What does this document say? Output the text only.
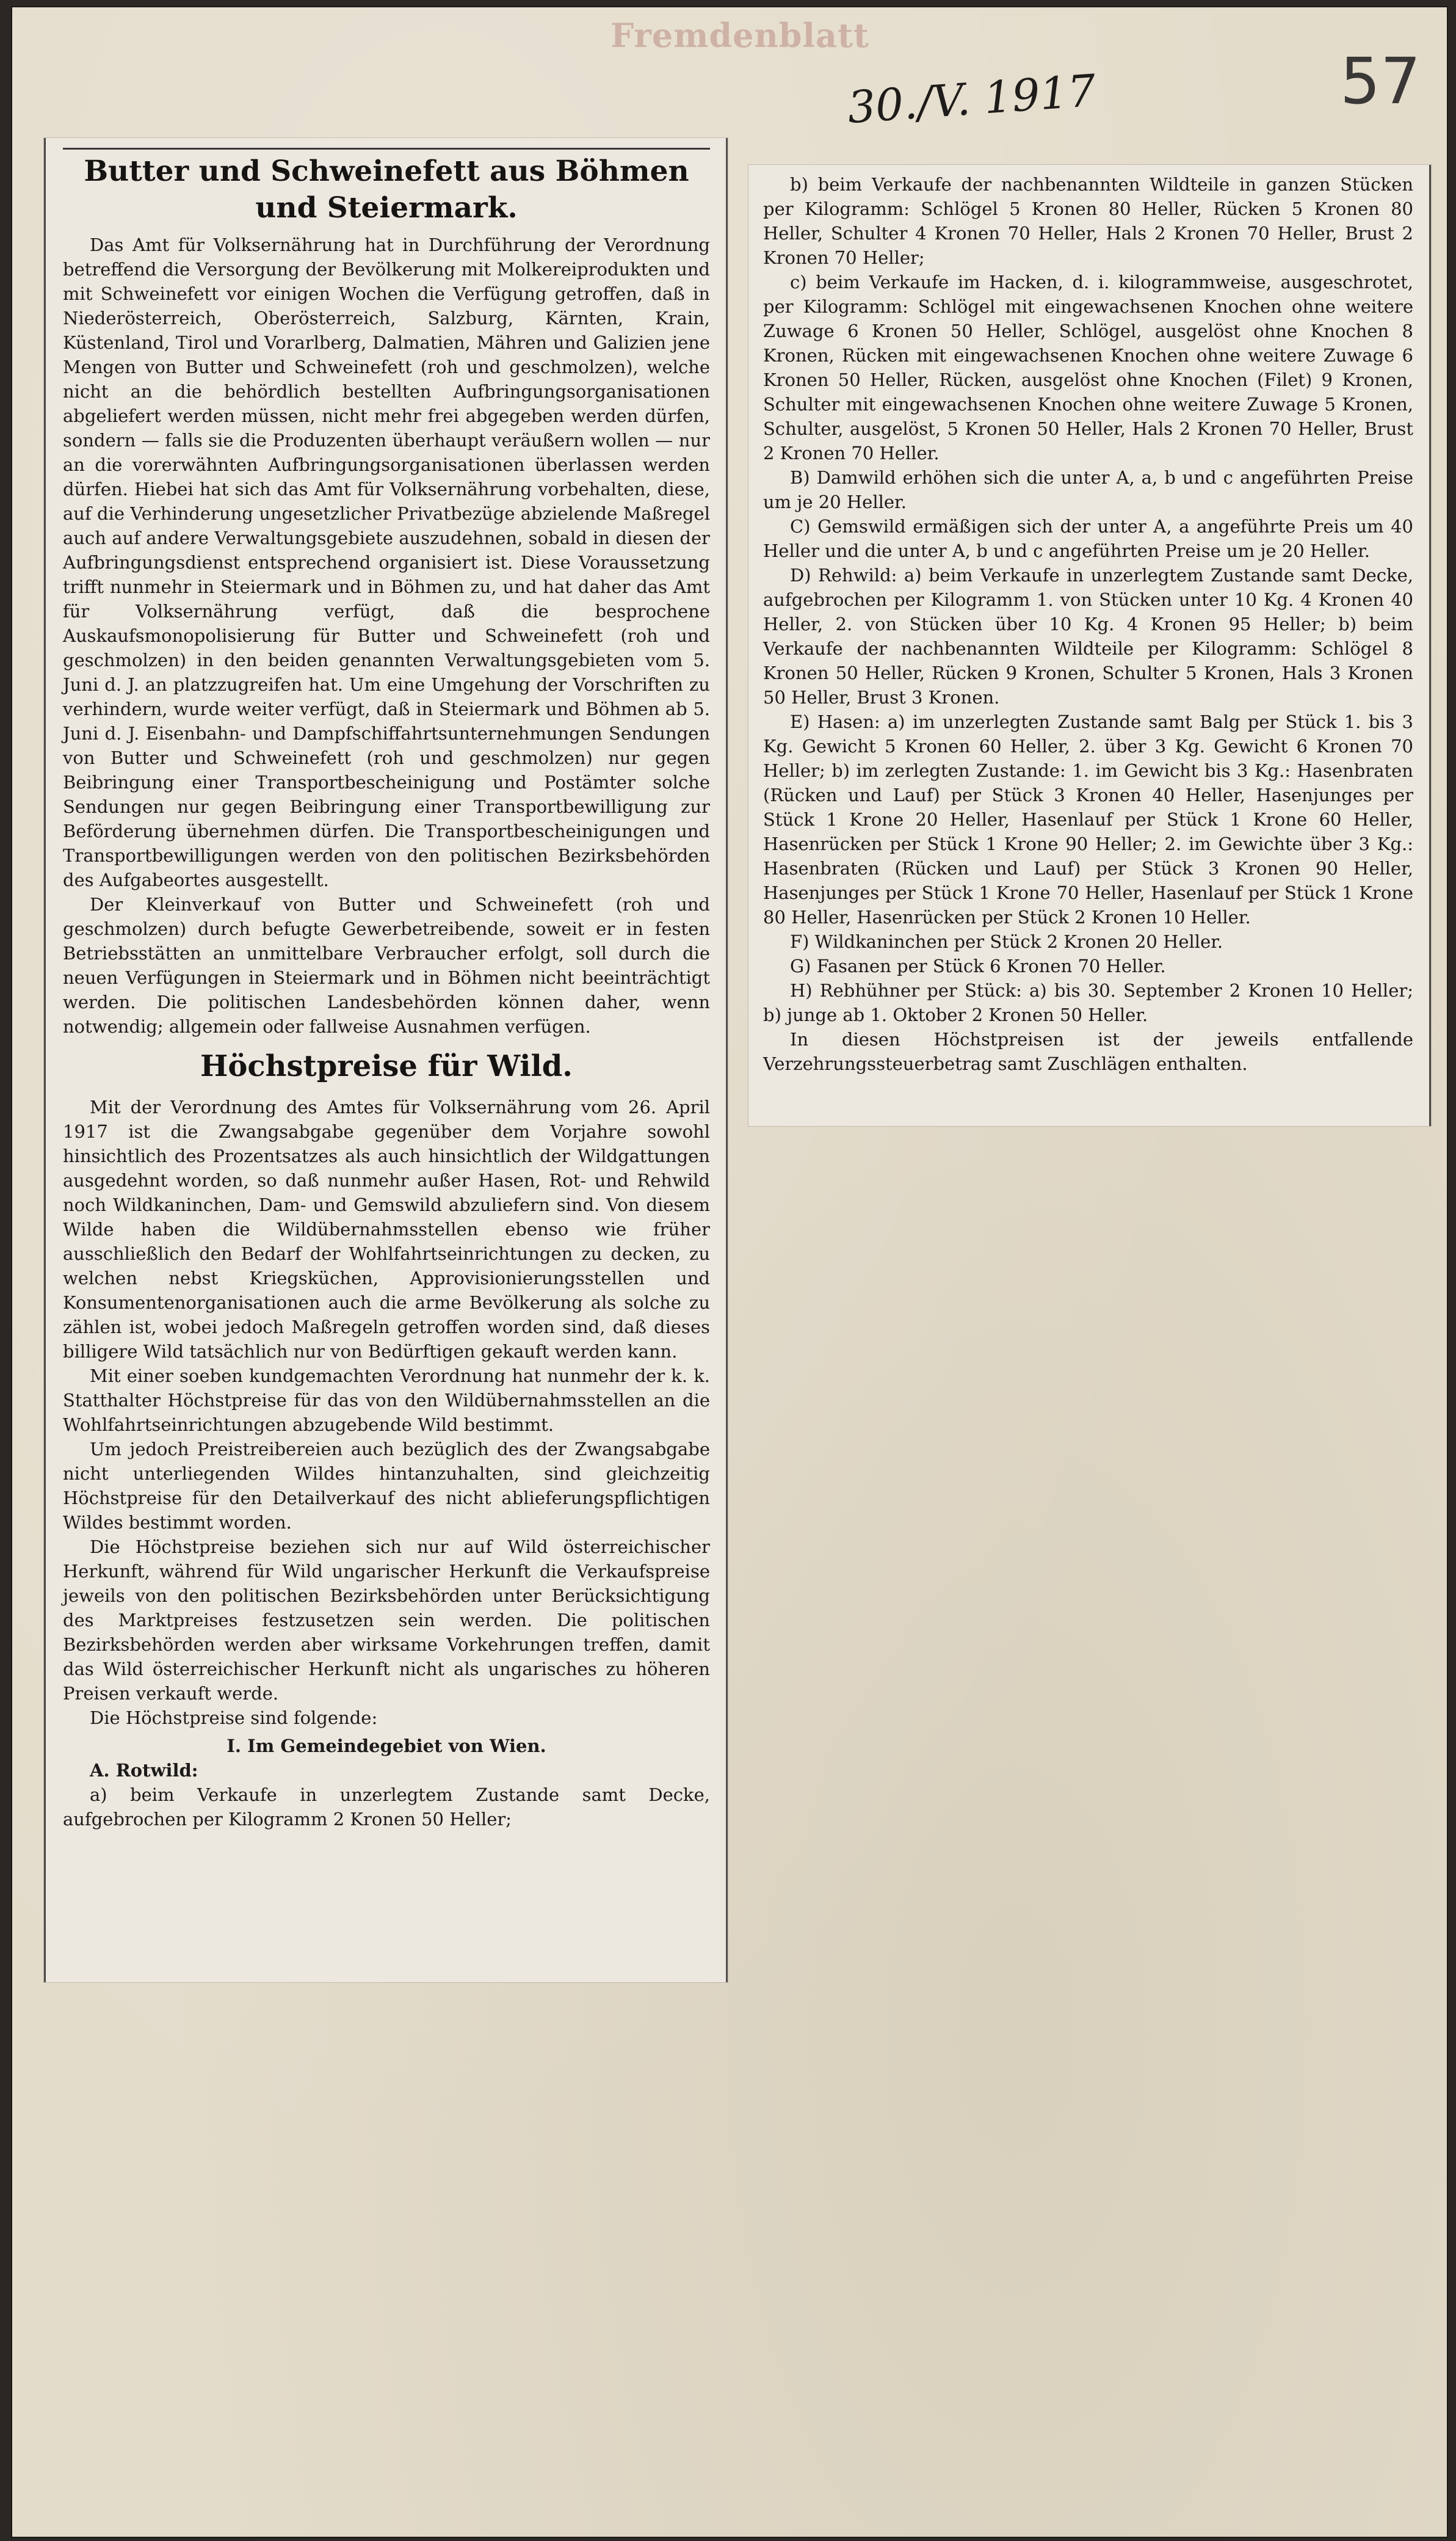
Fremdenblatt
30./V. 1917	57
Butter und Schweinefett aus Böhmen und Steiermark.

Das Amt für Volksernährung hat in Durchführung der Verordnung betreffend die Versorgung der Bevölkerung mit Molkereiprodukten und mit Schweinefett vor einigen Wochen die Verfügung getroffen, daß in Niederösterreich, Oberösterreich, Salzburg, Kärnten, Krain, Küstenland, Tirol und Vorarlberg, Dalmatien, Mähren und Galizien jene Mengen von Butter und Schweinefett (roh und geschmolzen), welche nicht an die behördlich bestellten Aufbringungsorganisationen abgeliefert werden müssen, nicht mehr frei abgegeben werden dürfen, sondern — falls sie die Produzenten überhaupt veräußern wollen — nur an die vorerwähnten Aufbringungsorganisationen überlassen werden dürfen. Hiebei hat sich das Amt für Volksernährung vorbehalten, diese, auf die Verhinderung ungesetzlicher Privatbezüge abzielende Maßregel auch auf andere Verwaltungsgebiete auszudehnen, sobald in diesen der Aufbringungsdienst entsprechend organisiert ist. Diese Voraussetzung trifft nunmehr in Steiermark und in Böhmen zu, und hat daher das Amt für Volksernährung verfügt, daß die besprochene Auskaufsmonopolisierung für Butter und Schweinefett (roh und geschmolzen) in den beiden genannten Verwaltungsgebieten vom 5. Juni d. J. an platzzugreifen hat. Um eine Umgehung der Vorschriften zu verhindern, wurde weiter verfügt, daß in Steiermark und Böhmen ab 5. Juni d. J. Eisenbahn- und Dampfschiffahrtsunternehmungen Sendungen von Butter und Schweinefett (roh und geschmolzen) nur gegen Beibringung einer Transportbescheinigung und Postämter solche Sendungen nur gegen Beibringung einer Transportbewilligung zur Beförderung übernehmen dürfen. Die Transportbescheinigungen und Transportbewilligungen werden von den politischen Bezirksbehörden des Aufgabeortes ausgestellt.

Der Kleinverkauf von Butter und Schweinefett (roh und geschmolzen) durch befugte Gewerbetreibende, soweit er in festen Betriebsstätten an unmittelbare Verbraucher erfolgt, soll durch die neuen Verfügungen in Steiermark und in Böhmen nicht beeinträchtigt werden. Die politischen Landesbehörden können daher, wenn notwendig; allgemein oder fallweise Ausnahmen verfügen.

Höchstpreise für Wild.

Mit der Verordnung des Amtes für Volksernährung vom 26. April 1917 ist die Zwangsabgabe gegenüber dem Vorjahre sowohl hinsichtlich des Prozentsatzes als auch hinsichtlich der Wildgattungen ausgedehnt worden, so daß nunmehr außer Hasen, Rot- und Rehwild noch Wildkaninchen, Dam- und Gemswild abzuliefern sind. Von diesem Wilde haben die Wildübernahmsstellen ebenso wie früher ausschließlich den Bedarf der Wohlfahrtseinrichtungen zu decken, zu welchen nebst Kriegsküchen, Approvisionierungsstellen und Konsumentenorganisationen auch die arme Bevölkerung als solche zu zählen ist, wobei jedoch Maßregeln getroffen worden sind, daß dieses billigere Wild tatsächlich nur von Bedürftigen gekauft werden kann.

Mit einer soeben kundgemachten Verordnung hat nunmehr der k. k. Statthalter Höchstpreise für das von den Wildübernahmsstellen an die Wohlfahrtseinrichtungen abzugebende Wild bestimmt.

Um jedoch Preistreibereien auch bezüglich des der Zwangsabgabe nicht unterliegenden Wildes hintanzuhalten, sind gleichzeitig Höchstpreise für den Detailverkauf des nicht ablieferungspflichtigen Wildes bestimmt worden.

Die Höchstpreise beziehen sich nur auf Wild österreichischer Herkunft, während für Wild ungarischer Herkunft die Verkaufspreise jeweils von den politischen Bezirksbehörden unter Berücksichtigung des Marktpreises festzusetzen sein werden. Die politischen Bezirksbehörden werden aber wirksame Vorkehrungen treffen, damit das Wild österreichischer Herkunft nicht als ungarisches zu höheren Preisen verkauft werde.

Die Höchstpreise sind folgende:

I. Im Gemeindegebiet von Wien.

A. Rotwild:

a) beim Verkaufe in unzerlegtem Zustande samt Decke, aufgebrochen per Kilogramm 2 Kronen 50 Heller;

b) beim Verkaufe der nachbenannten Wildteile in ganzen Stücken per Kilogramm: Schlögel 5 Kronen 80 Heller, Rücken 5 Kronen 80 Heller, Schulter 4 Kronen 70 Heller, Hals 2 Kronen 70 Heller, Brust 2 Kronen 70 Heller;

c) beim Verkaufe im Hacken, d. i. kilogrammweise, ausgeschrotet, per Kilogramm: Schlögel mit eingewachsenen Knochen ohne weitere Zuwage 6 Kronen 50 Heller, Schlögel, ausgelöst ohne Knochen 8 Kronen, Rücken mit eingewachsenen Knochen ohne weitere Zuwage 6 Kronen 50 Heller, Rücken, ausgelöst ohne Knochen (Filet) 9 Kronen, Schulter mit eingewachsenen Knochen ohne weitere Zuwage 5 Kronen, Schulter, ausgelöst, 5 Kronen 50 Heller, Hals 2 Kronen 70 Heller, Brust 2 Kronen 70 Heller.

B) Damwild erhöhen sich die unter A, a, b und c angeführten Preise um je 20 Heller.

C) Gemswild ermäßigen sich der unter A, a angeführte Preis um 40 Heller und die unter A, b und c angeführten Preise um je 20 Heller.

D) Rehwild: a) beim Verkaufe in unzerlegtem Zustande samt Decke, aufgebrochen per Kilogramm 1. von Stücken unter 10 Kg. 4 Kronen 40 Heller, 2. von Stücken über 10 Kg. 4 Kronen 95 Heller; b) beim Verkaufe der nachbenannten Wildteile per Kilogramm: Schlögel 8 Kronen 50 Heller, Rücken 9 Kronen, Schulter 5 Kronen, Hals 3 Kronen 50 Heller, Brust 3 Kronen.

E) Hasen: a) im unzerlegten Zustande samt Balg per Stück 1. bis 3 Kg. Gewicht 5 Kronen 60 Heller, 2. über 3 Kg. Gewicht 6 Kronen 70 Heller; b) im zerlegten Zustande: 1. im Gewicht bis 3 Kg.: Hasenbraten (Rücken und Lauf) per Stück 3 Kronen 40 Heller, Hasenjunges per Stück 1 Krone 20 Heller, Hasenlauf per Stück 1 Krone 60 Heller, Hasenrücken per Stück 1 Krone 90 Heller; 2. im Gewichte über 3 Kg.: Hasenbraten (Rücken und Lauf) per Stück 3 Kronen 90 Heller, Hasenjunges per Stück 1 Krone 70 Heller, Hasenlauf per Stück 1 Krone 80 Heller, Hasenrücken per Stück 2 Kronen 10 Heller.

F) Wildkaninchen per Stück 2 Kronen 20 Heller.

G) Fasanen per Stück 6 Kronen 70 Heller.

H) Rebhühner per Stück: a) bis 30. September 2 Kronen 10 Heller; b) junge ab 1. Oktober 2 Kronen 50 Heller.

In diesen Höchstpreisen ist der jeweils entfallende Verzehrungssteuerbetrag samt Zuschlägen enthalten.
